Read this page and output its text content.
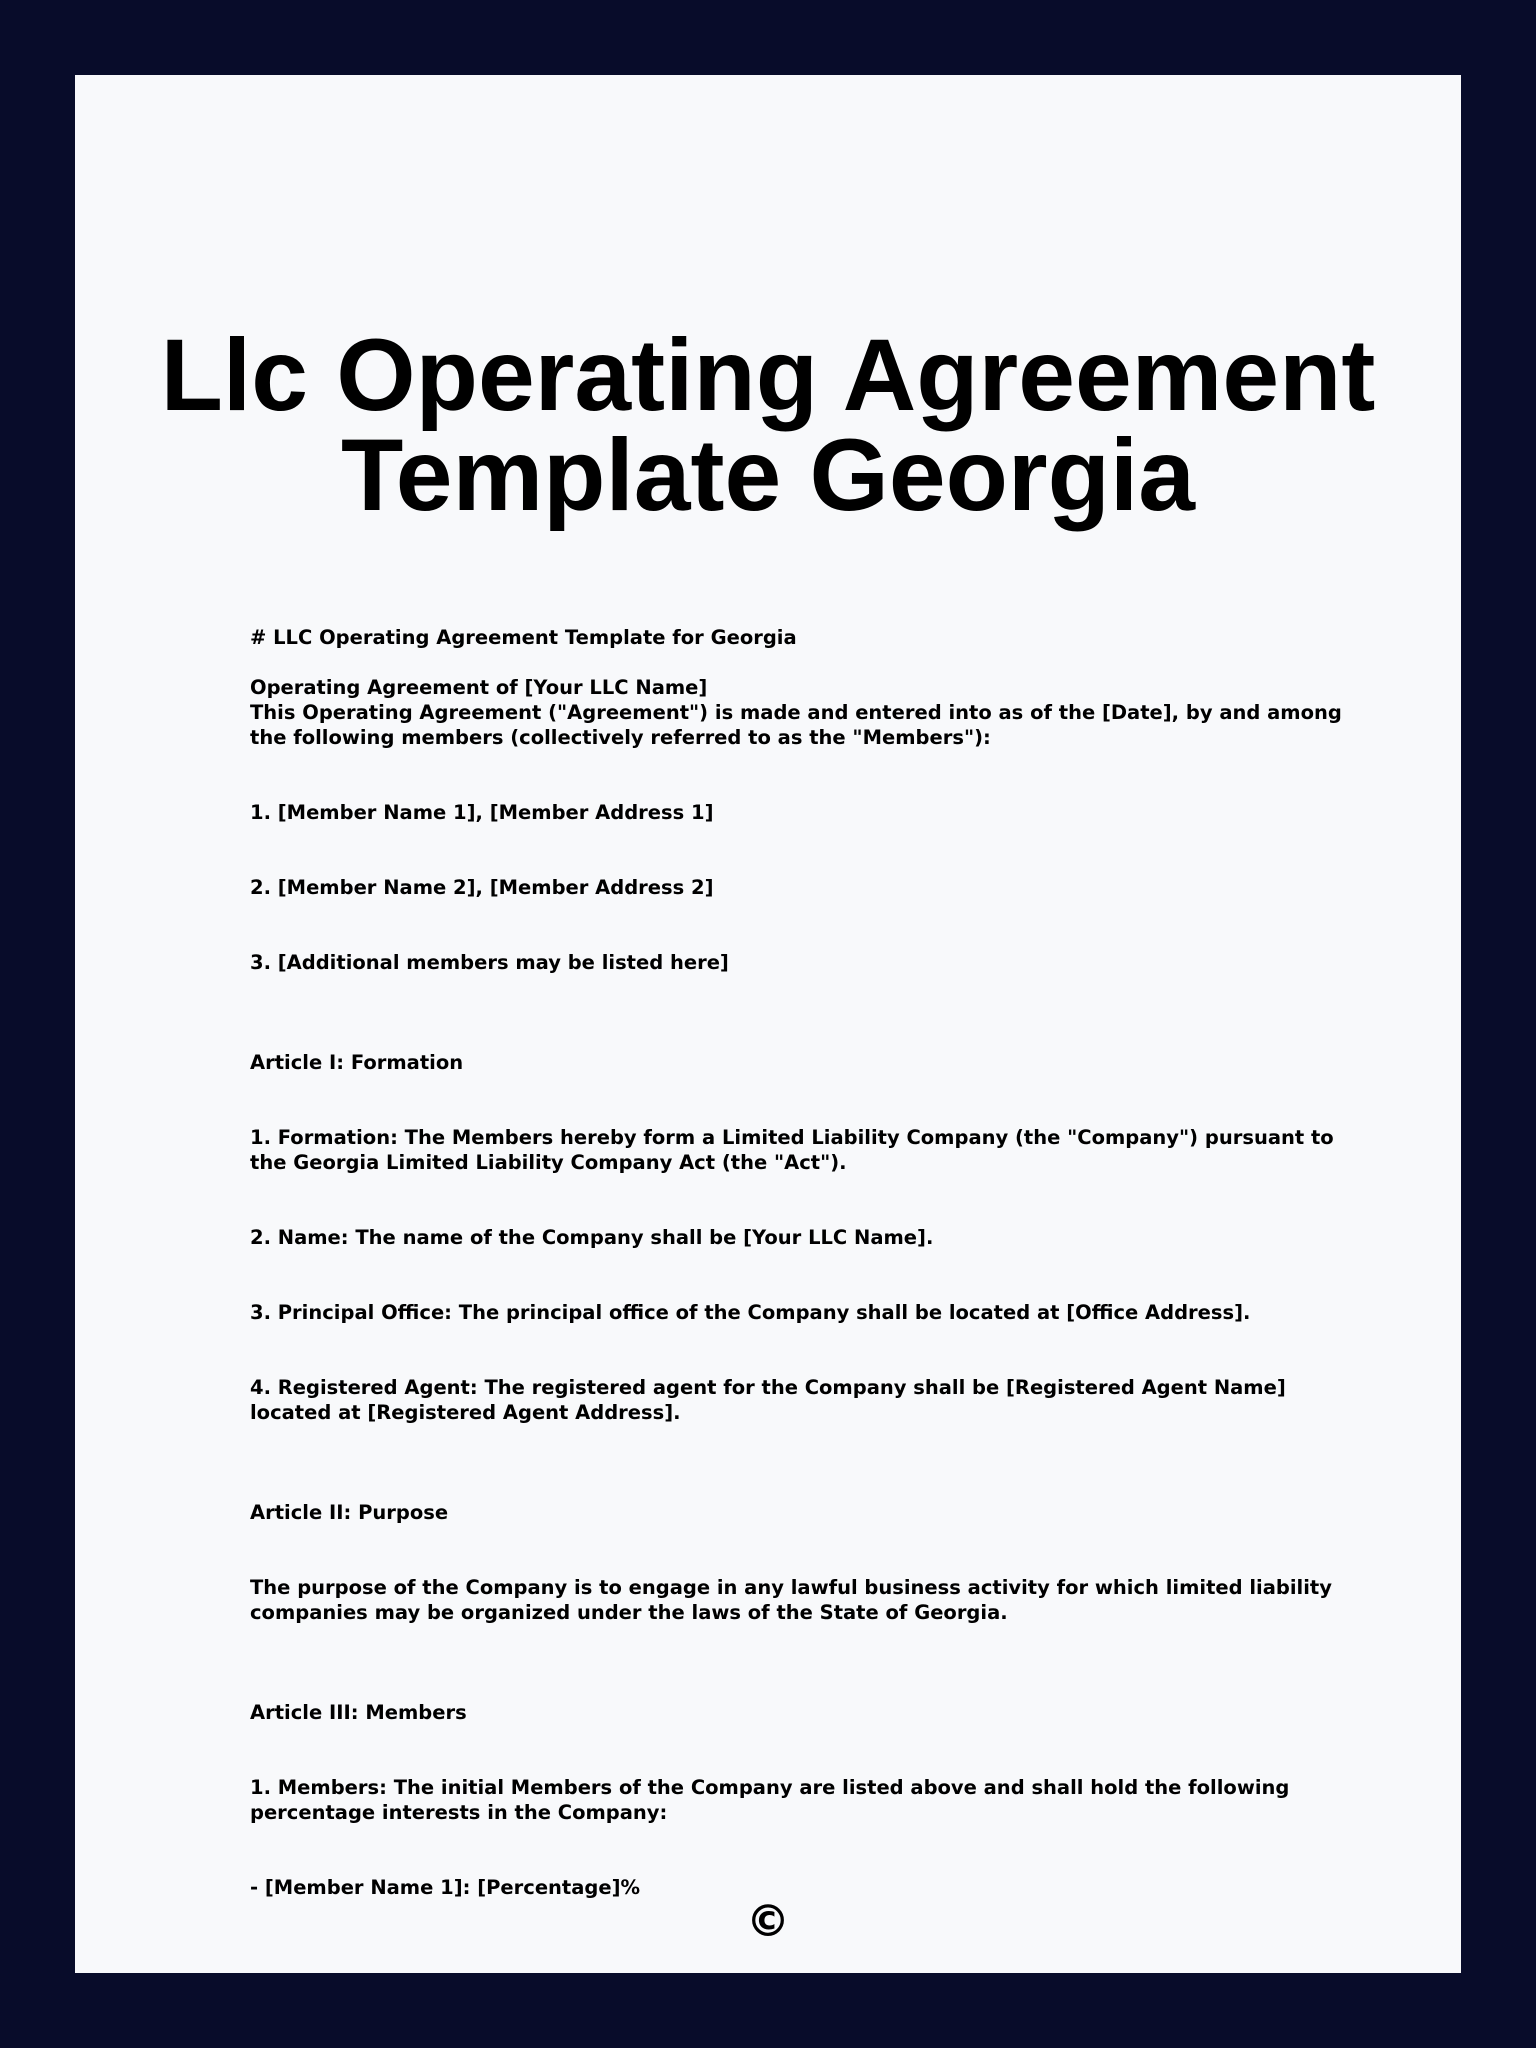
Llc Operating Agreement
Template Georgia

# LLC Operating Agreement Template for Georgia

Operating Agreement of [Your LLC Name]
This Operating Agreement ("Agreement") is made and entered into as of the [Date], by and among the following members (collectively referred to as the "Members"):

1. [Member Name 1], [Member Address 1]

2. [Member Name 2], [Member Address 2]

3. [Additional members may be listed here]

Article I: Formation

1. Formation: The Members hereby form a Limited Liability Company (the "Company") pursuant to the Georgia Limited Liability Company Act (the "Act").

2. Name: The name of the Company shall be [Your LLC Name].

3. Principal Office: The principal office of the Company shall be located at [Office Address].

4. Registered Agent: The registered agent for the Company shall be [Registered Agent Name] located at [Registered Agent Address].

Article II: Purpose

The purpose of the Company is to engage in any lawful business activity for which limited liability companies may be organized under the laws of the State of Georgia.

Article III: Members

1. Members: The initial Members of the Company are listed above and shall hold the following percentage interests in the Company:

- [Member Name 1]: [Percentage]%

©
